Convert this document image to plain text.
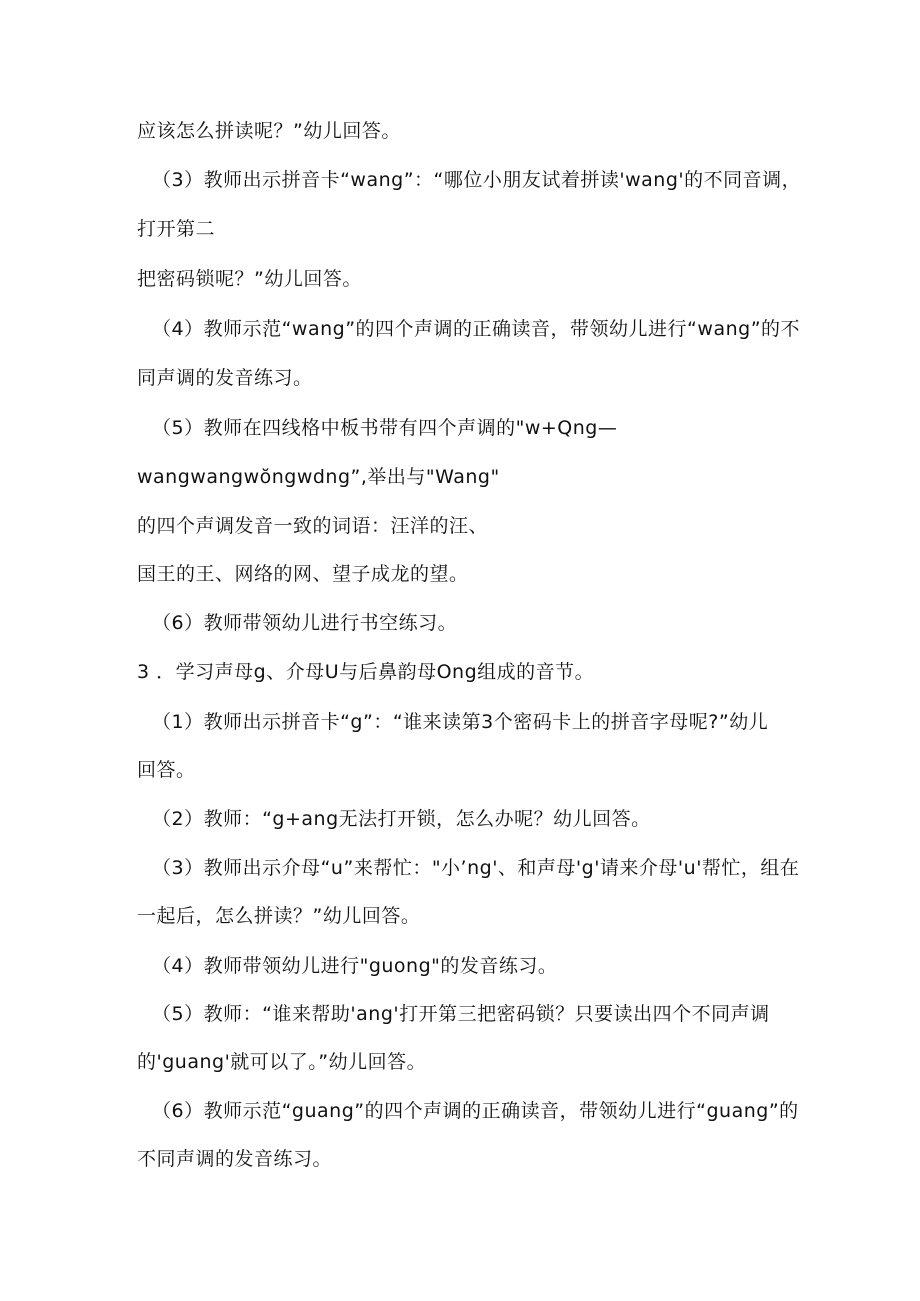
应该怎么拼读呢？”幼儿回答。
（3）教师出示拼音卡“wang”：“哪位小朋友试着拼读'wang'的不同音调，
打开第二
把密码锁呢？”幼儿回答。
（4）教师示范“wang”的四个声调的正确读音，带领幼儿进行“wang”的不
同声调的发音练习。
（5）教师在四线格中板书带有四个声调的"w+Qng—
wangwangwŏngwdng”,举出与"Wang"
的四个声调发音一致的词语：汪洋的汪、
国王的王、网络的网、望子成龙的望。
（6）教师带领幼儿进行书空练习。
3 ．学习声母g、介母U与后鼻韵母Ong组成的音节。
（1）教师出示拼音卡“g”：“谁来读第3个密码卡上的拼音字母呢?”幼儿
回答。
（2）教师：“g+ang无法打开锁，怎么办呢？幼儿回答。
（3）教师出示介母“u”来帮忙："小’ng'、和声母'g'请来介母'u'帮忙，组在
一起后，怎么拼读？”幼儿回答。
（4）教师带领幼儿进行"guong"的发音练习。
（5）教师：“谁来帮助'ang'打开第三把密码锁？只要读出四个不同声调
的'guang'就可以了。”幼儿回答。
（6）教师示范“guang”的四个声调的正确读音，带领幼儿进行“guang”的
不同声调的发音练习。
